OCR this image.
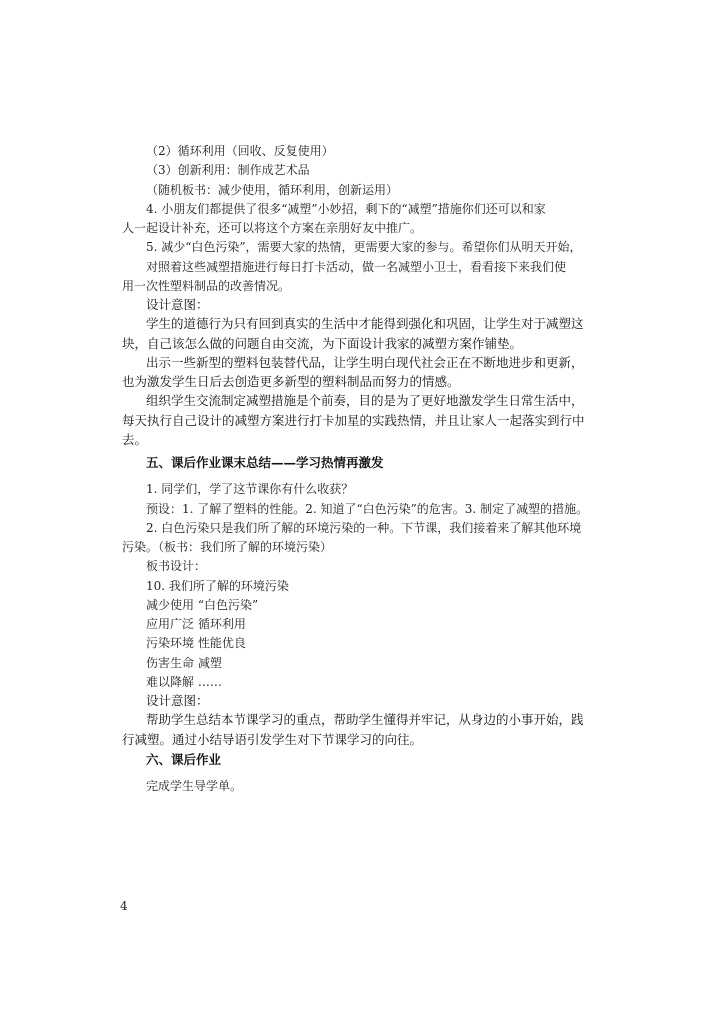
（2）循环利用（回收、反复使用）
（3）创新利用：制作成艺术品
（随机板书：减少使用，循环利用，创新运用）
4. 小朋友们都提供了很多“减塑”小妙招，剩下的“减塑”措施你们还可以和家
人一起设计补充，还可以将这个方案在亲朋好友中推广。
5. 减少“白色污染”，需要大家的热情，更需要大家的参与。希望你们从明天开始，
对照着这些减塑措施进行每日打卡活动，做一名减塑小卫士，看看接下来我们使
用一次性塑料制品的改善情况。
设计意图：
学生的道德行为只有回到真实的生活中才能得到强化和巩固，让学生对于减塑这
块，自己该怎么做的问题自由交流，为下面设计我家的减塑方案作铺垫。
出示一些新型的塑料包装替代品，让学生明白现代社会正在不断地进步和更新，
也为激发学生日后去创造更多新型的塑料制品而努力的情感。
组织学生交流制定减塑措施是个前奏，目的是为了更好地激发学生日常生活中，
每天执行自己设计的减塑方案进行打卡加星的实践热情，并且让家人一起落实到行中
去。
五、课后作业课末总结——学习热情再激发
1. 同学们，学了这节课你有什么收获？
预设：1. 了解了塑料的性能。2. 知道了“白色污染”的危害。3. 制定了减塑的措施。
2. 白色污染只是我们所了解的环境污染的一种。下节课，我们接着来了解其他环境
污染。（板书：我们所了解的环境污染）
板书设计：
10. 我们所了解的环境污染
减少使用 “白色污染”
应用广泛 循环利用
污染环境 性能优良
伤害生命 减塑
难以降解 ……
设计意图：
帮助学生总结本节课学习的重点，帮助学生懂得并牢记，从身边的小事开始，践
行减塑。通过小结导语引发学生对下节课学习的向往。
六、课后作业
完成学生导学单。
4
